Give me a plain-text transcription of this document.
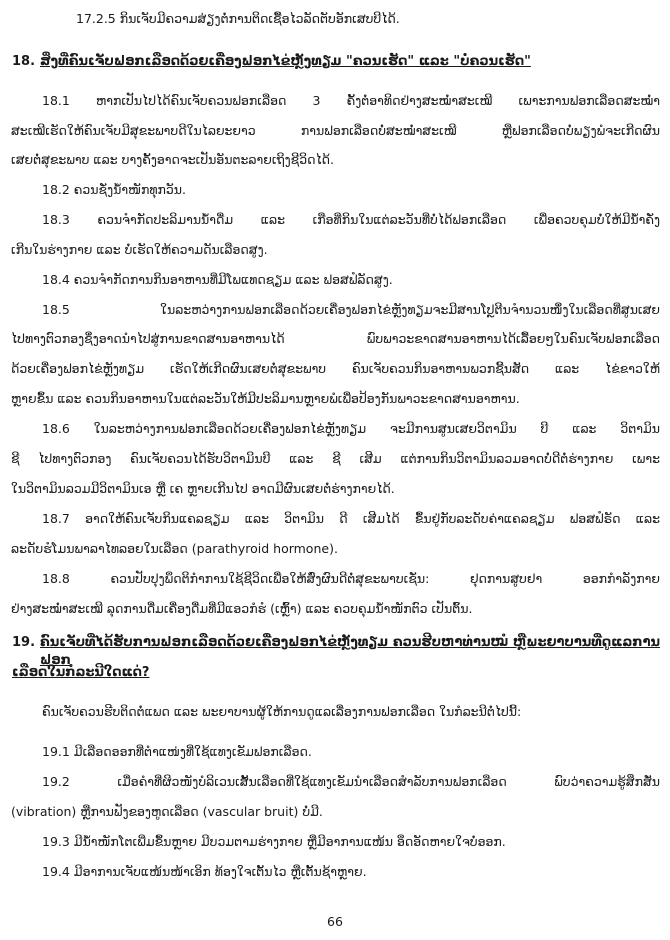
17.2.5 ກິນເຈັບມີຄວາມສ່ຽງຕໍ່ການຕິດເຊື້ອໄວລັດຕັບອັກເສບບີໄດ້.
18. ສິ່ງທີ່ຄົນເຈັບຟອກເລືອດດ້ວຍເຄື່ອງຟອກໄຂ່ຫຼັງທຽມ "ຄວນເຮັດ" ແລະ "ບໍ່ຄວນເຮັດ"
18.1 ຫາກເປັນໄປໄດ້ຄົນເຈັບຄວນຟອກເລືອດ 3 ຄັ້ງຕໍ່ອາທິດຢ່າງສະໝໍ່າສະເໝີ ເພາະການຟອກເລືອດສະໝໍ່າ
ສະເໝີເຮັດໃຫ້ຄົນເຈັບມີສຸຂະພາບດີໃນໄລຍະຍາວ ການຟອກເລືອດບໍ່ສະໝໍ່າສະເໝີ ຫຼືຟອກເລືອດບໍ່ພຽງພໍຈະເກີດຜົນ
ເສຍຕໍ່ສຸຂະພາບ ແລະ ບາງຄັ້ງອາດຈະເປັນອັນຕະລາຍເຖິງຊີວິດໄດ້.
18.2 ຄວນຊັ່ງນໍ້າໜັກທຸກວັນ.
18.3 ຄວນຈຳກັດປະລິມານນໍ້າດື່ມ ແລະ ເກືອທີ່ກິນໃນແຕ່ລະວັນທີ່ບໍ່ໄດ້ຟອກເລືອດ ເພື່ອຄວບຄຸມບໍ່ໃຫ້ມີນໍ້າຄັ່ງ
ເກີນໃນຮ່າງກາຍ ແລະ ບໍ່ເຮັດໃຫ້ຄວາມດັນເລືອດສູງ.
18.4 ຄວນຈຳກັດການກິນອາຫານທີ່ມີໂພແທດຊຽມ ແລະ ຟອສຟໍລັດສູງ.
18.5 ໃນລະຫວ່າງການຟອກເລືອດດ້ວຍເຄື່ອງຟອກໄຂ່ຫຼັງທຽມຈະມີສານໂປຼຕີນຈຳນວນໜຶ່ງໃນເລືອດທີ່ສູນເສຍ
ໄປທາງຕົວກອງຊຶ່ງອາດນຳໄປສູ່ການຂາດສານອາຫານໄດ້ ພົບພາວະຂາດສານອາຫານໄດ້ເລື້ອຍໆໃນຄົນເຈັບຟອກເລືອດ
ດ້ວຍເຄື່ອງຟອກໄຂ່ຫຼັງທຽມ ເຮັດໃຫ້ເກີດຜົນເສຍຕໍ່ສຸຂະພາບ ຄົນເຈັບຄວນກິນອາຫານພວກຊີ້ນສັດ ແລະ ໄຂ່ຂາວໃຫ້
ຫຼາຍຂຶ້ນ ແລະ ຄວນກິນອາຫານໃນແຕ່ລະວັນໃຫ້ມີປະລິມານຫຼາຍພໍເພື່ອປ້ອງກັນພາວະຂາດສານອາຫານ.
18.6 ໃນລະຫວ່າງການຟອກເລືອດດ້ວຍເຄື່ອງຟອກໄຂ່ຫຼັງທຽມ ຈະມີການສູນເສຍວິຕາມິນ ບີ ແລະ ວິຕາມິນ
ຊີ ໄປທາງຕົວກອງ ຄົນເຈັບຄວນໄດ້ຮັບວິຕາມິນບີ ແລະ ຊີ ເສີມ ແຕ່ການກິນວິຕາມິນລວມອາດບໍ່ດີຕໍ່ຮ່າງກາຍ ເພາະ
ໃນວິຕາມິນລວມມີວິຕາມິນເອ ຫຼື ເຄ ຫຼາຍເກີນໄປ ອາດມີຜົນເສຍຕໍ່ຮ່າງກາຍໄດ້.
18.7 ອາດໃຫ້ຄົນເຈັບກິນແຄລຊຽມ ແລະ ວິຕາມິນ ດີ ເສີມໄດ້ ຂຶ້ນຢູ່ກັບລະດັບຄ່າແຄລຊຽມ ຟອສຟໍຣັດ ແລະ
ລະດັບຮໍໂມນພາລາໄທລອຍໃນເລືອດ (parathyroid hormone).
18.8 ຄວນປັບປຸງພຶດຕິກຳການໃຊ້ຊີວິດເພື່ອໃຫ້ສົ່ງຜົນດີຕໍ່ສຸຂະພາບເຊັ່ນ: ຢຸດການສູບຢາ ອອກກຳລັງກາຍ
ຢ່າງສະໝໍ່າສະເໝີ ລຸດການດື່ມເຄື່ອງດື່ມທີ່ມີແອວກໍຮໍ (ເຫຼົ້າ) ແລະ ຄວບຄຸມນໍ້າໜັກຕົວ ເປັນຕົ້ນ.
19. ຄົນເຈັບທີ່ໄດ້ຮັບການຟອກເລືອດດ້ວຍເຄື່ອງຟອກໄຂ່ຫຼັງທຽມ ຄວນຮີບຫາທ່ານໝໍ ຫຼືພະຍາບານທີ່ດູແລການຟອກ
ເລືອດໃນກໍລະນີໃດແດ່?
ຄົນເຈັບຄວນຮີບຕິດຕໍ່ແພດ ແລະ ພະຍາບານຜູ້ໃຫ້ການດູແລເລື່ອງການຟອກເລືອດ ໃນກໍລະນີຕໍ່ໄປນີ້:
19.1 ມີເລືອດອອກທີ່ຕຳແໜ່ງທີ່ໃຊ້ແທງເຂັມຟອກເລືອດ.
19.2 ເມື່ອຄຳທີ່ຜິວໜັງບໍລິເວນເສັ້ນເລືອດທີ່ໃຊ້ແທງເຂັມນຳເລືອດສຳລັບການຟອກເລືອດ ພົບວ່າຄວາມຮູ້ສຶກສັ່ນ
(vibration) ຫຼືການຟັງຂອງຫູດເລືອດ (vascular bruit) ບໍ່ມີ.
19.3 ມີນໍ້າໜັກໂຕເພີ່ມຂຶ້ນຫຼາຍ ມີບວມຕາມຮ່າງກາຍ ຫຼືມີອາການແໜ້ນ ອຶດອັດຫາຍໃຈບໍ່ອອກ.
19.4 ມີອາການເຈັບແໜ້ນໜ້າເອິກ ທ້ອງໃຈເຕັ້ນໄວ ຫຼືເຕັ້ນຊ້າຫຼາຍ.
66
